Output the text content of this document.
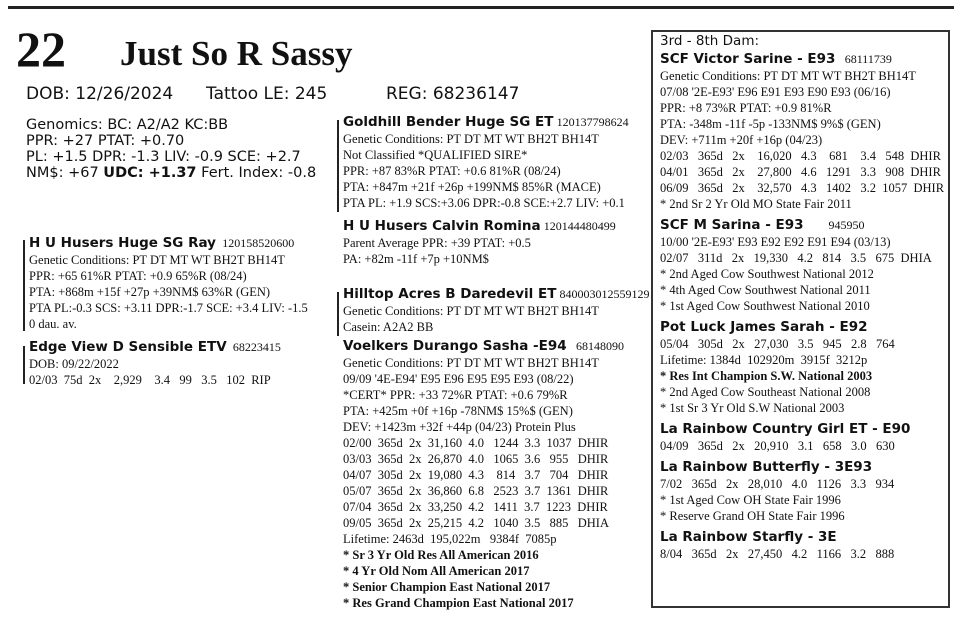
22 Just So R Sassy
DOB: 12/26/2024 Tattoo LE: 245	REG: 68236147
Genomics: BC: A2/A2 KC:BB
PPR: +27 PTAT: +0.70
PL: +1.5 DPR: -1.3 LIV: -0.9 SCE: +2.7
NM$: +67 UDC: +1.37 Fert. Index: -0.8
H U Husers Huge SG Ray 120158520600
Genetic Conditions: PT DT MT WT BH2T BH14T
PPR: +65 61%R PTAT: +0.9 65%R (08/24)
PTA: +868m +15f +27p +39NM$ 63%R (GEN)
PTA PL:-0.3 SCS: +3.11 DPR:-1.7 SCE: +3.4 LIV: -1.5
0 dau. av.
Edge View D Sensible ETV 68223415
DOB: 09/22/2022
02/03  75d  2x    2,929    3.4   99   3.5   102  RIP
Goldhill Bender Huge SG ET 120137798624
Genetic Conditions: PT DT MT WT BH2T BH14T
Not Classified *QUALIFIED SIRE*
PPR: +87 83%R PTAT: +0.6 81%R (08/24)
PTA: +847m +21f +26p +199NM$ 85%R (MACE)
PTA PL: +1.9 SCS:+3.06 DPR:-0.8 SCE:+2.7 LIV: +0.1
H U Husers Calvin Romina 120144480499
Parent Average PPR: +39 PTAT: +0.5
PA: +82m -11f +7p +10NM$
Hilltop Acres B Daredevil ET 840003012559129
Genetic Conditions: PT DT MT WT BH2T BH14T
Casein: A2A2 BB
Voelkers Durango Sasha -E94 68148090
Genetic Conditions: PT DT MT WT BH2T BH14T
09/09 '4E-E94' E95 E96 E95 E95 E93 (08/22)
*CERT* PPR: +33 72%R PTAT: +0.6 79%R
PTA: +425m +0f +16p -78NM$ 15%$ (GEN)
DEV: +1423m +32f +44p (04/23) Protein Plus
02/00  365d  2x  31,160  4.0   1244  3.3  1037  DHIR
03/03  365d  2x  26,870  4.0   1065  3.6   955   DHIR
04/07  305d  2x  19,080  4.3    814   3.7   704   DHIR
05/07  365d  2x  36,860  6.8   2523  3.7  1361  DHIR
07/04  365d  2x  33,250  4.2   1411  3.7  1223  DHIR
09/05  365d  2x  25,215  4.2   1040  3.5   885   DHIA
Lifetime: 2463d  195,022m   9384f  7085p
* Sr 3 Yr Old Res All American 2016
* 4 Yr Old Nom All American 2017
* Senior Champion East National 2017
* Res Grand Champion East National 2017
3rd - 8th Dam:
SCF Victor Sarine - E93 68111739
Genetic Conditions: PT DT MT WT BH2T BH14T
07/08 '2E-E93' E96 E91 E93 E90 E93 (06/16)
PPR: +8 73%R PTAT: +0.9 81%R
PTA: -348m -11f -5p -133NM$ 9%$ (GEN)
DEV: +711m +20f +16p (04/23)
02/03   365d   2x    16,020   4.3    681    3.4   548  DHIR
04/01   365d   2x    27,800   4.6   1291   3.3   908  DHIR
06/09   365d   2x    32,570   4.3   1402   3.2  1057  DHIR
* 2nd Sr 2 Yr Old MO State Fair 2011
SCF M Sarina - E93 945950
10/00 '2E-E93' E93 E92 E92 E91 E94 (03/13)
02/07   311d   2x   19,330   4.2   814   3.5   675  DHIA
* 2nd Aged Cow Southwest National 2012
* 4th Aged Cow Southwest National 2011
* 1st Aged Cow Southwest National 2010
Pot Luck James Sarah - E92
05/04   305d   2x   27,030   3.5   945   2.8   764
Lifetime: 1384d  102920m  3915f  3212p
* Res Int Champion S.W. National 2003
* 2nd Aged Cow Southeast National 2008
* 1st Sr 3 Yr Old S.W National 2003
La Rainbow Country Girl ET - E90
04/09   365d   2x   20,910   3.1   658   3.0   630
La Rainbow Butterfly - 3E93
7/02   365d   2x   28,010   4.0   1126   3.3   934
* 1st Aged Cow OH State Fair 1996
* Reserve Grand OH State Fair 1996
La Rainbow Starfly - 3E
8/04   365d   2x   27,450   4.2   1166   3.2   888
